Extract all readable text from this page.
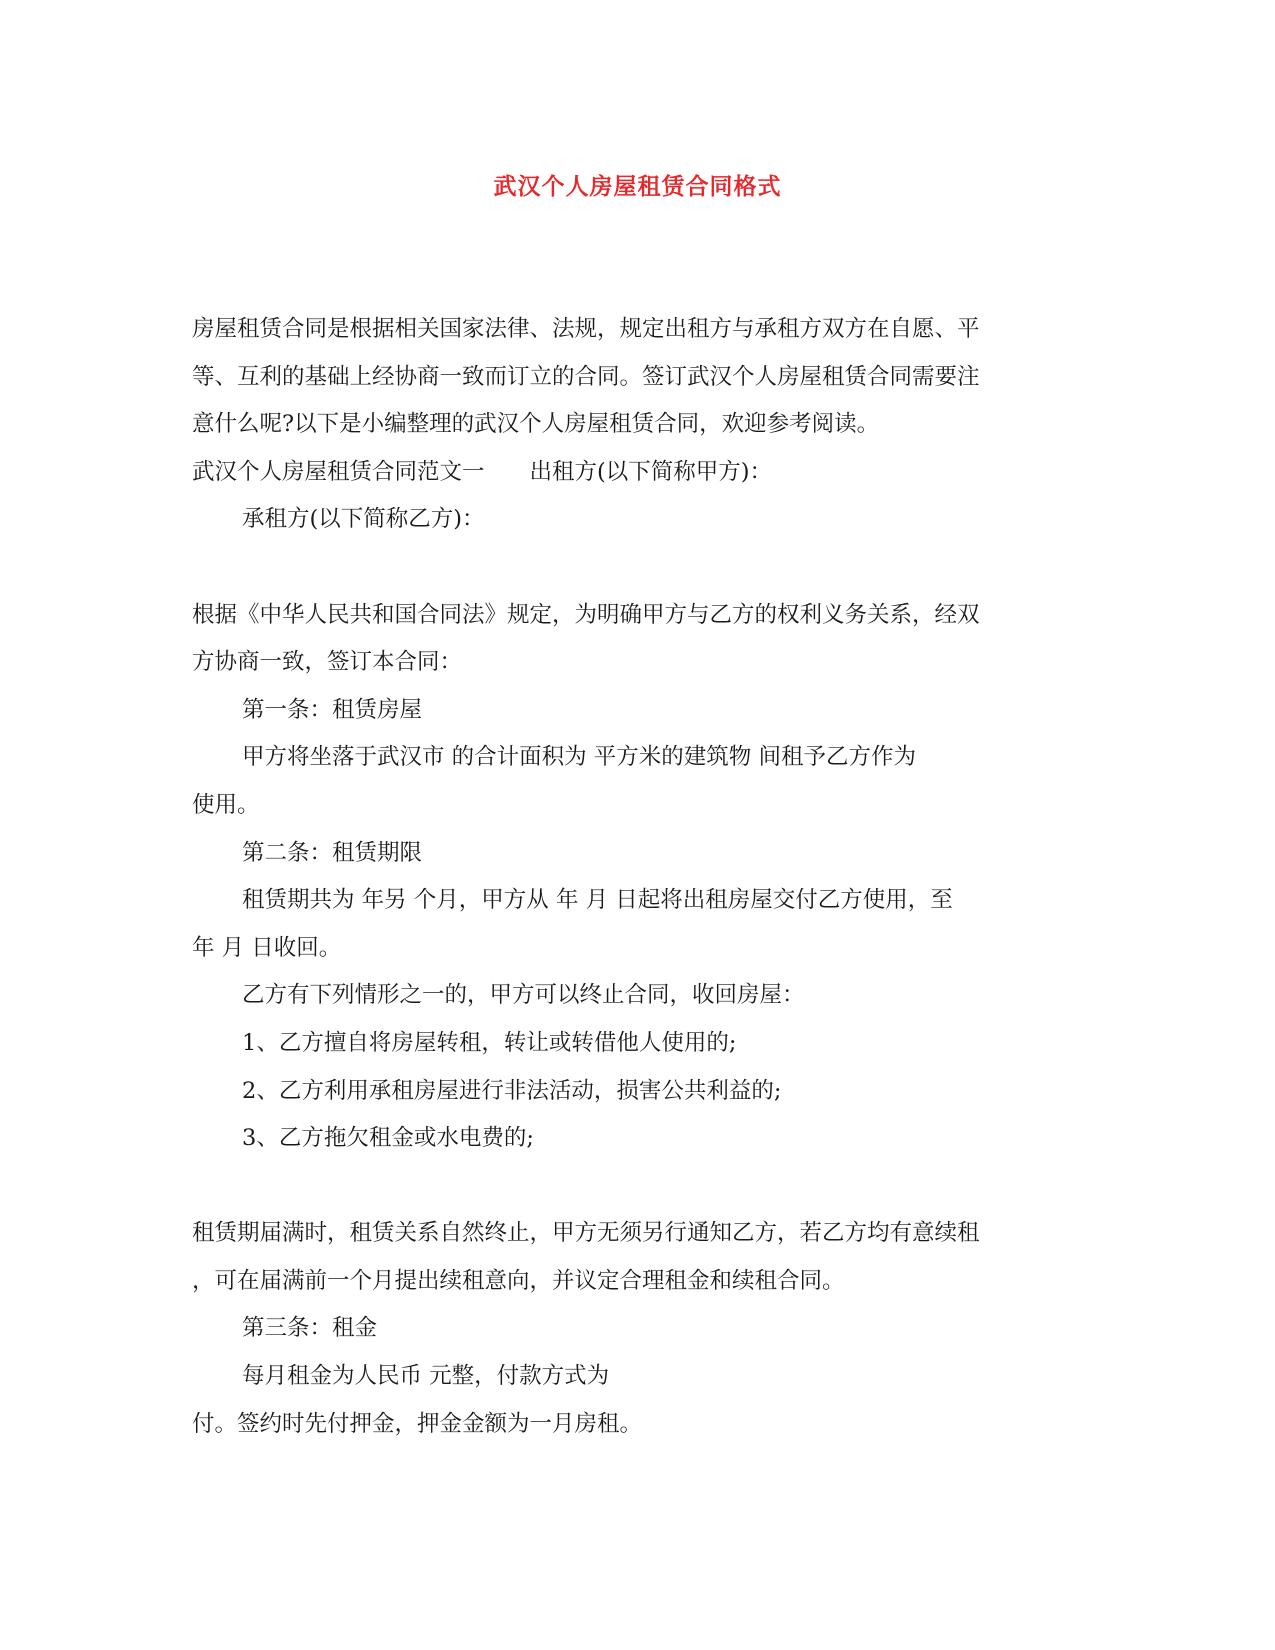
武汉个人房屋租赁合同格式

房屋租赁合同是根据相关国家法律、法规，规定出租方与承租方双方在自愿、平

等、互利的基础上经协商一致而订立的合同。签订武汉个人房屋租赁合同需要注

意什么呢?以下是小编整理的武汉个人房屋租赁合同，欢迎参考阅读。

武汉个人房屋租赁合同范文一　　出租方(以下简称甲方)：

承租方(以下简称乙方)：

根据《中华人民共和国合同法》规定，为明确甲方与乙方的权利义务关系，经双

方协商一致，签订本合同：

第一条：租赁房屋

甲方将坐落于武汉市 的合计面积为 平方米的建筑物 间租予乙方作为

使用。

第二条：租赁期限

租赁期共为 年另 个月，甲方从 年 月 日起将出租房屋交付乙方使用，至

年 月 日收回。

乙方有下列情形之一的，甲方可以终止合同，收回房屋：

1、乙方擅自将房屋转租，转让或转借他人使用的;

2、乙方利用承租房屋进行非法活动，损害公共利益的;

3、乙方拖欠租金或水电费的;

租赁期届满时，租赁关系自然终止，甲方无须另行通知乙方，若乙方均有意续租

，可在届满前一个月提出续租意向，并议定合理租金和续租合同。

第三条：租金

每月租金为人民币 元整，付款方式为

付。签约时先付押金，押金金额为一月房租。
